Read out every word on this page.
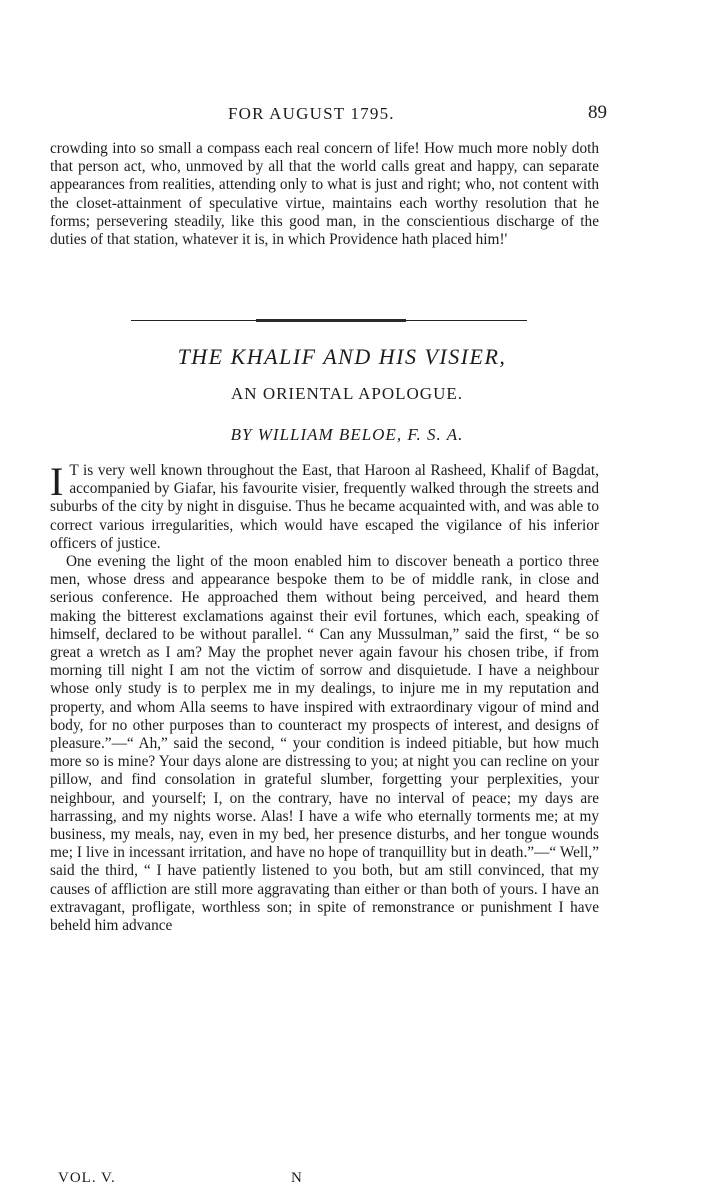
FOR AUGUST 1795.	89
crowding into so small a compass each real concern of life! How much more nobly doth that person act, who, unmoved by all that the world calls great and happy, can separate appearances from realities, attending only to what is just and right; who, not content with the closet-attainment of speculative virtue, maintains each worthy resolution that he forms; persevering steadily, like this good man, in the conscientious discharge of the duties of that station, whatever it is, in which Providence hath placed him!'
THE KHALIF AND HIS VISIER,
AN ORIENTAL APOLOGUE.
BY WILLIAM BELOE, F. S. A.

I T is very well known throughout the East, that Haroon al Rasheed, Khalif of Bagdat, accompanied by Giafar, his favourite visier, frequently walked through the streets and suburbs of the city by night in disguise. Thus he became acquainted with, and was able to correct various irregularities, which would have escaped the vigilance of his inferior officers of justice.

One evening the light of the moon enabled him to discover beneath a portico three men, whose dress and appearance bespoke them to be of middle rank, in close and serious conference. He approached them without being perceived, and heard them making the bitterest exclamations against their evil fortunes, which each, speaking of himself, declared to be without parallel. “ Can any Mussulman,” said the first, “ be so great a wretch as I am? May the prophet never again favour his chosen tribe, if from morning till night I am not the victim of sorrow and disquietude. I have a neighbour whose only study is to perplex me in my dealings, to injure me in my reputation and property, and whom Alla seems to have inspired with extraordinary vigour of mind and body, for no other purposes than to counteract my prospects of interest, and designs of pleasure.”—“ Ah,” said the second, “ your condition is indeed pitiable, but how much more so is mine? Your days alone are distressing to you; at night you can recline on your pillow, and find consolation in grateful slumber, forgetting your perplexities, your neighbour, and yourself; I, on the contrary, have no interval of peace; my days are harrassing, and my nights worse. Alas! I have a wife who eternally torments me; at my business, my meals, nay, even in my bed, her presence disturbs, and her tongue wounds me; I live in incessant irritation, and have no hope of tranquillity but in death.”—“ Well,” said the third, “ I have patiently listened to you both, but am still convinced, that my causes of affliction are still more aggravating than either or than both of yours. I have an extravagant, profligate, worthless son; in spite of remonstrance or punishment I have beheld him advance

VOL. V.	N
